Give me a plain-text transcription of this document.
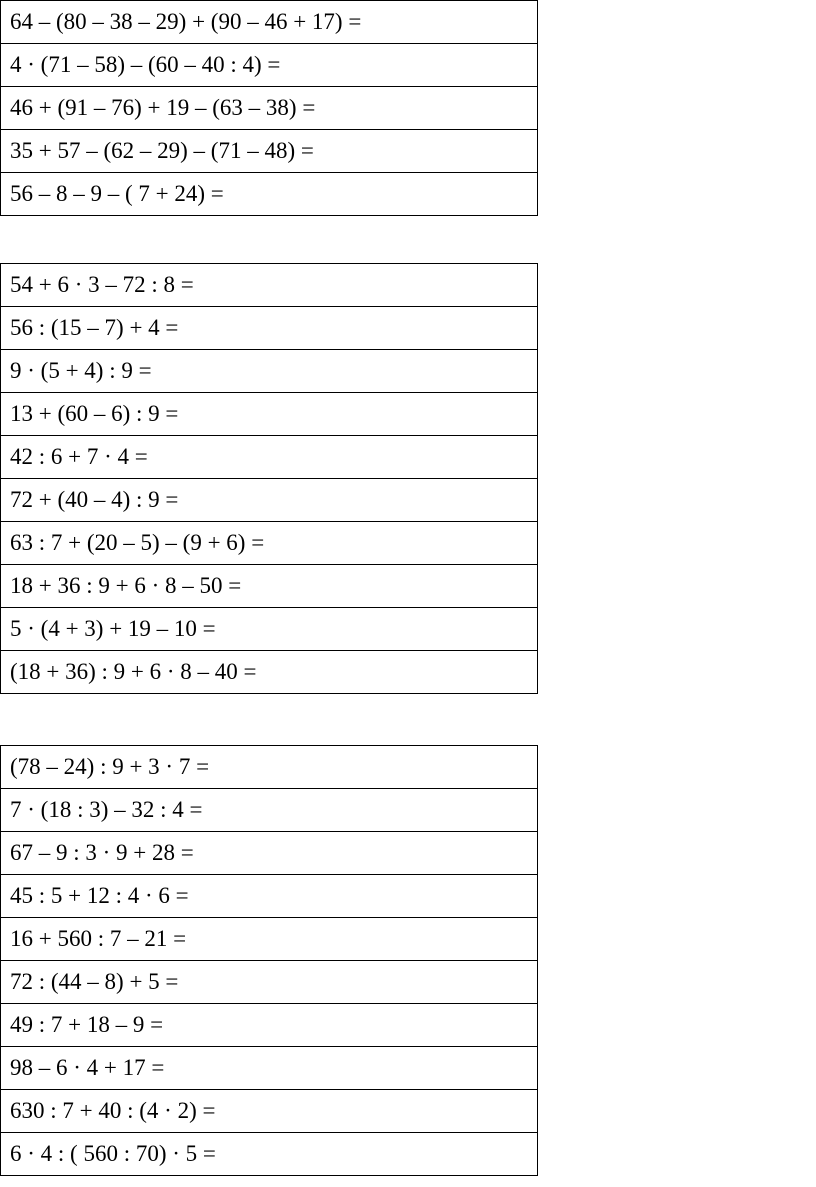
64 – (80 – 38 – 29) + (90 – 46 + 17) =
4 · (71 – 58) – (60 – 40 : 4) =
46 + (91 – 76) + 19 – (63 – 38) =
35 + 57 – (62 – 29) – (71 – 48) =
56 – 8 – 9 – ( 7 + 24) =
54 + 6 · 3 – 72 : 8 =
56 : (15 – 7) + 4 =
9 · (5 + 4) : 9 =
13 + (60 – 6) : 9 =
42 : 6 + 7 · 4 =
72 + (40 – 4) : 9 =
63 : 7 + (20 – 5) – (9 + 6) =
18 + 36 : 9 + 6 · 8 – 50 =
5 · (4 + 3) + 19 – 10 =
(18 + 36) : 9 + 6 · 8 – 40 =
(78 – 24) : 9 + 3 · 7 =
7 · (18 : 3) – 32 : 4 =
67 – 9 : 3 · 9 + 28 =
45 : 5 + 12 : 4 · 6 =
16 + 560 : 7 – 21 =
72 : (44 – 8) + 5 =
49 : 7 + 18 – 9 =
98 – 6 · 4 + 17 =
630 : 7 + 40 : (4 · 2) =
6 · 4 : ( 560 : 70) · 5 =
